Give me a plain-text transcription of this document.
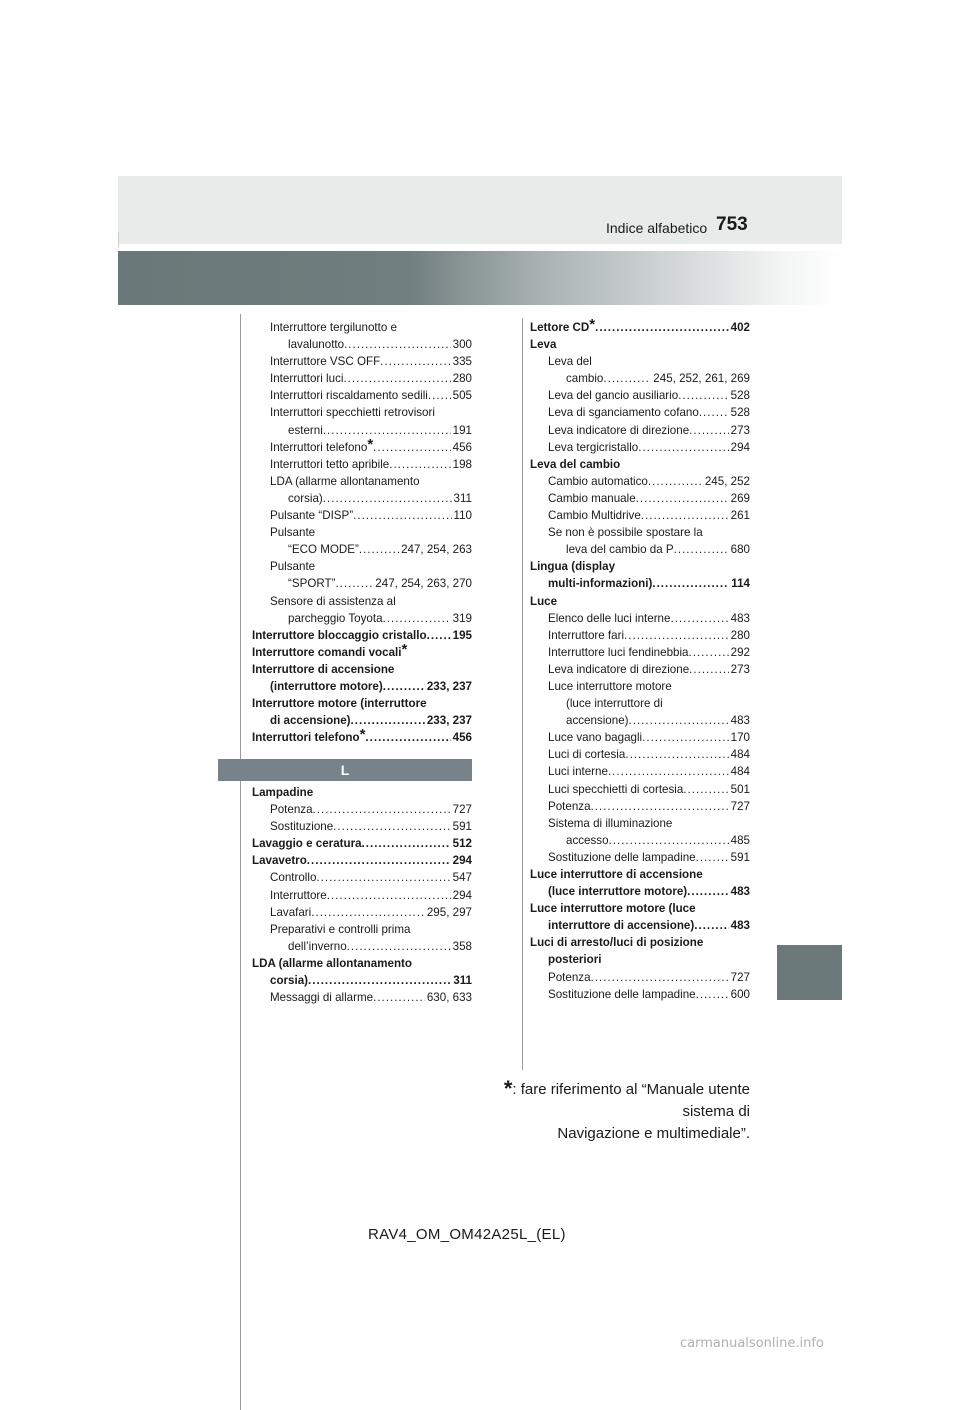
Indice alfabetico 753
Interruttore tergilunotto e
lavalunotto .....	300
Interruttore VSC OFF .....	335
Interruttori luci .....	280
Interruttori riscaldamento sedili ..... 505
Interruttori specchietti retrovisori
esterni .....	191
Interruttori telefono* .....	456
Interruttori tetto apribile .....	198
LDA (allarme allontanamento
corsia) .....	311
Pulsante “DISP” .....	110
Pulsante
“ECO MODE” .....	247, 254, 263
Pulsante
“SPORT” .....	247, 254, 263, 270
Sensore di assistenza al
parcheggio Toyota .....	319
Interruttore bloccaggio cristallo ..... 195
Interruttore comandi vocali*
Interruttore di accensione
(interruttore motore) .....	233, 237
Interruttore motore (interruttore
di accensione) .....	233, 237
Interruttori telefono* .....	456
L
Lampadine
Potenza .....	727
Sostituzione .....	591
Lavaggio e ceratura .....	512
Lavavetro .....	294
Controllo .....	547
Interruttore .....	294
Lavafari .....	295, 297
Preparativi e controlli prima
dell’inverno .....	358
LDA (allarme allontanamento
corsia) .....	311
Messaggi di allarme .....	630, 633
Lettore CD* .....	402
Leva
Leva del
cambio .....	245, 252, 261, 269
Leva del gancio ausiliario .....	528
Leva di sganciamento cofano .....	528
Leva indicatore di direzione .....	273
Leva tergicristallo .....	294
Leva del cambio
Cambio automatico .....	245, 252
Cambio manuale .....	269
Cambio Multidrive .....	261
Se non è possibile spostare la
leva del cambio da P .....	680
Lingua (display
multi-informazioni) .....	114
Luce
Elenco delle luci interne .....	483
Interruttore fari .....	280
Interruttore luci fendinebbia .....	292
Leva indicatore di direzione .....	273
Luce interruttore motore
(luce interruttore di
accensione) .....	483
Luce vano bagagli .....	170
Luci di cortesia .....	484
Luci interne .....	484
Luci specchietti di cortesia .....	501
Potenza .....	727
Sistema di illuminazione
accesso .....	485
Sostituzione delle lampadine .....	591
Luce interruttore di accensione
(luce interruttore motore) .....	483
Luce interruttore motore (luce
interruttore di accensione) .....	483
Luci di arresto/luci di posizione
posteriori
Potenza .....	727
Sostituzione delle lampadine .....	600
*: fare riferimento al “Manuale utente sistema di
Navigazione e multimediale”.
RAV4_OM_OM42A25L_(EL)
carmanualsonline.info
